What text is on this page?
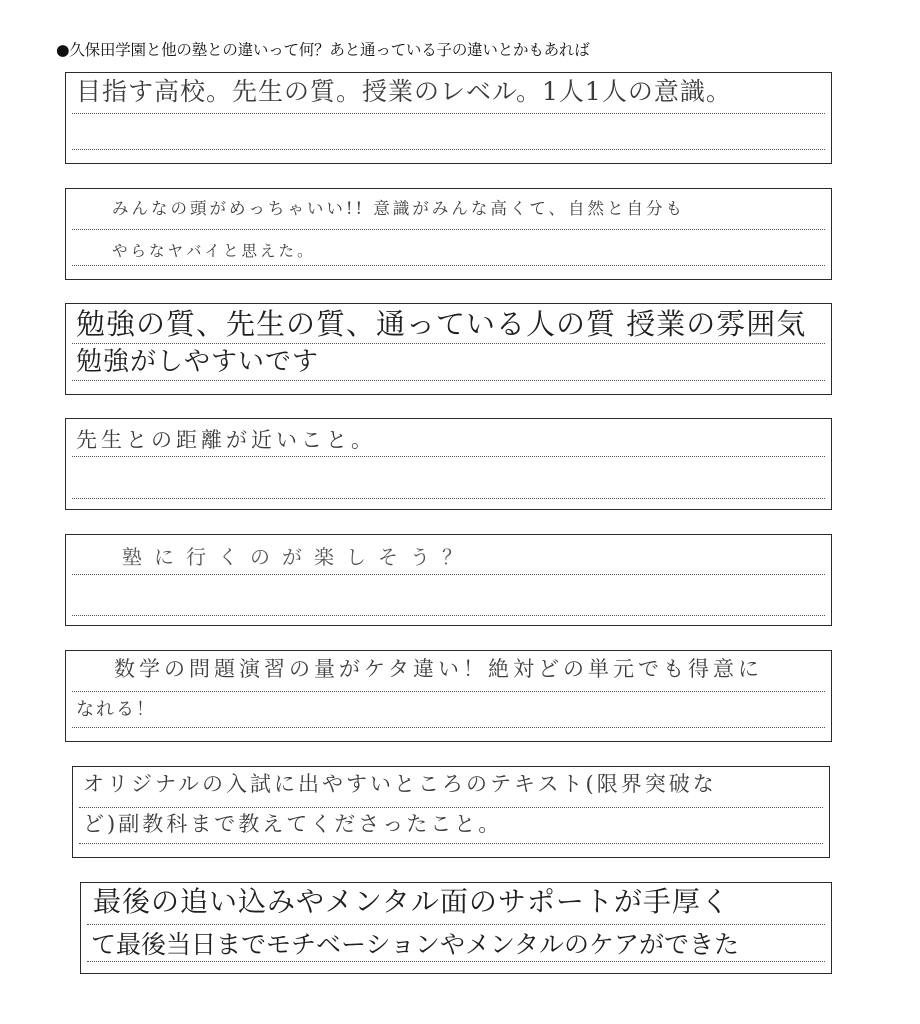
●久保田学園と他の塾との違いって何？あと通っている子の違いとかもあれば
目指す高校。先生の質。授業のレベル。1人1人の意識。
みんなの頭がめっちゃいい!! 意識がみんな高くて、自然と自分も
やらなヤバイと思えた。
勉強の質、先生の質、通っている人の質 授業の雰囲気
勉強がしやすいです
先生との距離が近いこと。
塾に行くのが楽しそう？
数学の問題演習の量がケタ違い！絶対どの単元でも得意に
なれる！
オリジナルの入試に出やすいところのテキスト(限界突破な
ど)副教科まで教えてくださったこと。
最後の追い込みやメンタル面のサポートが手厚く
て最後当日までモチベーションやメンタルのケアができた
